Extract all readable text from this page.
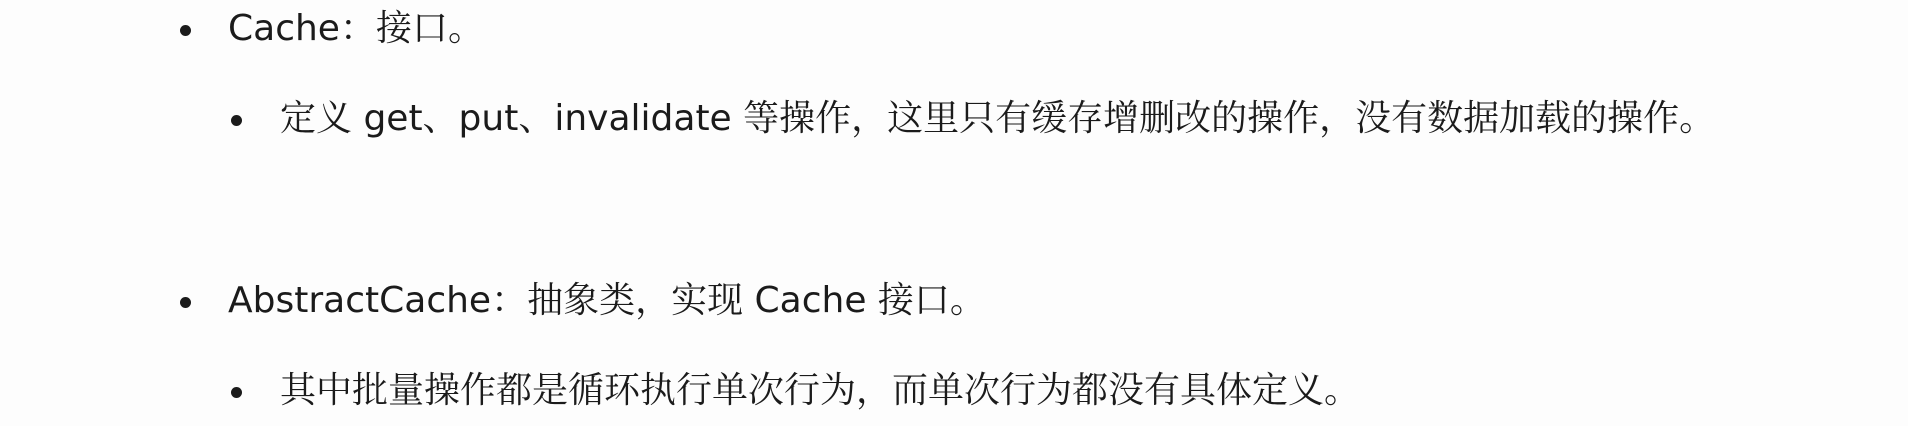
Cache：接口。
定义 get、put、invalidate 等操作，这里只有缓存增删改的操作，没有数据加载的操作。
AbstractCache：抽象类，实现 Cache 接口。
其中批量操作都是循环执行单次行为，而单次行为都没有具体定义。
